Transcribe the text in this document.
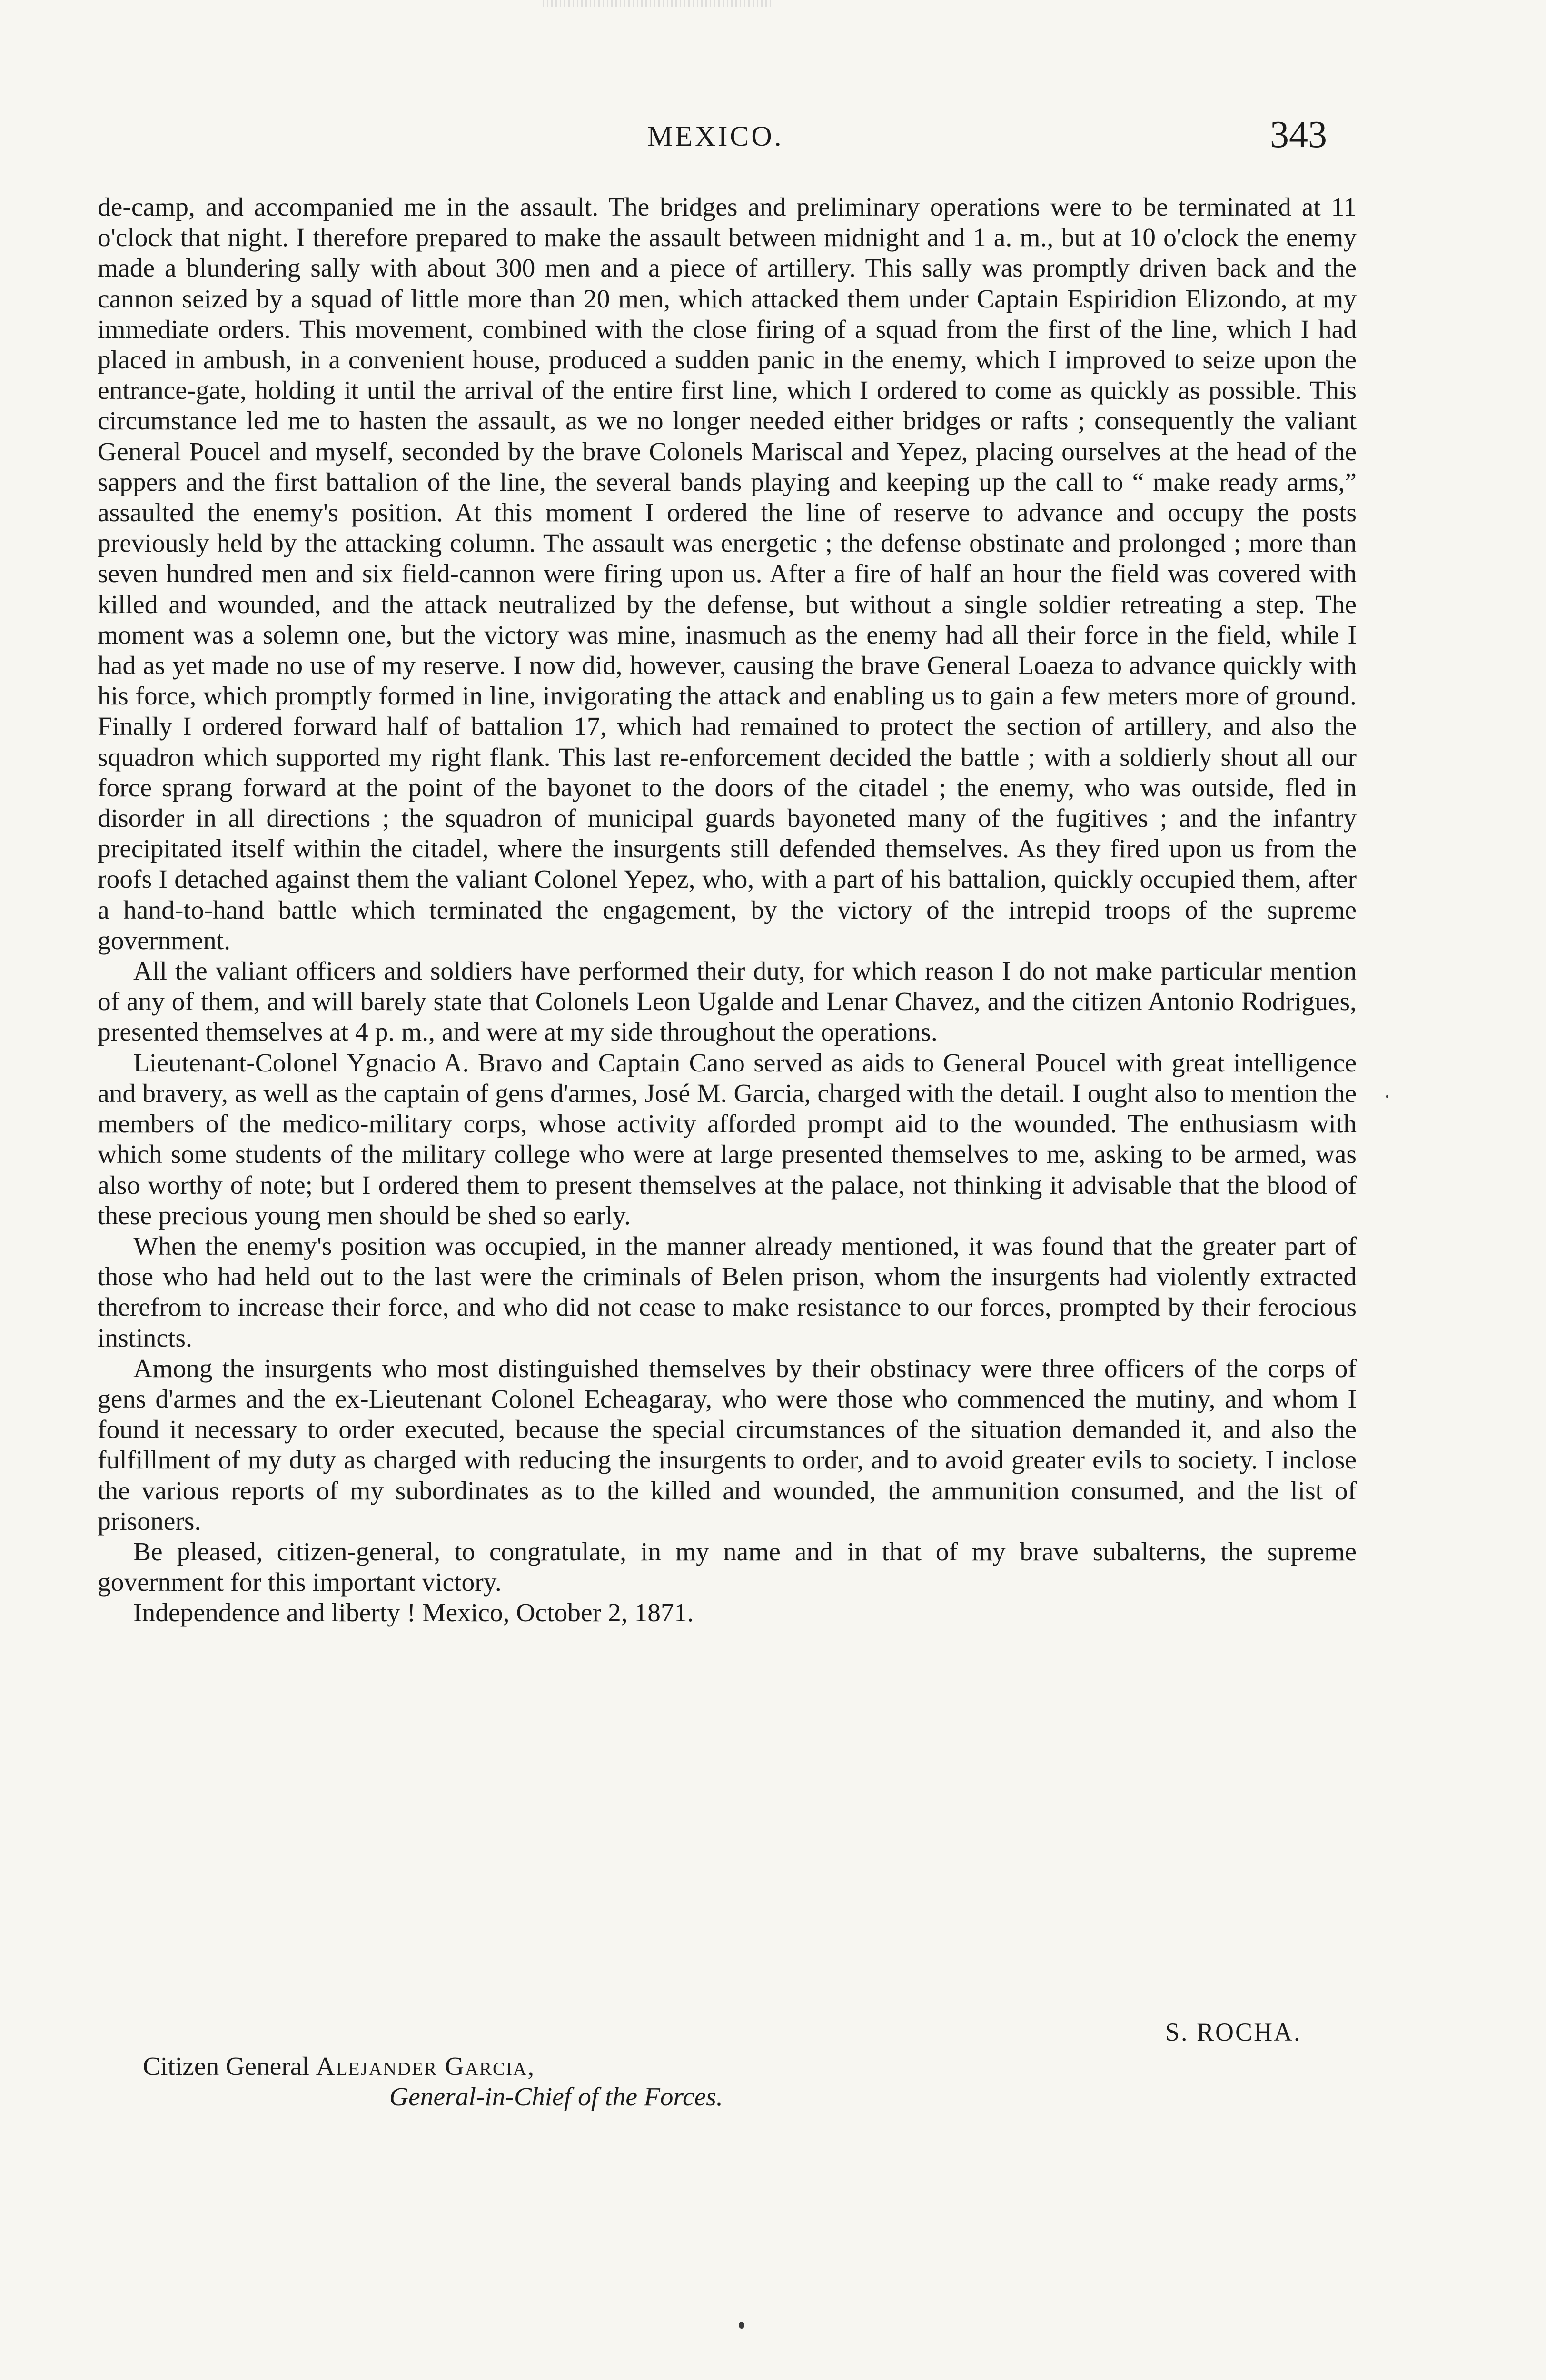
MEXICO.	343

de-camp, and accompanied me in the assault. The bridges and preliminary operations were to be terminated at 11 o'clock that night. I therefore prepared to make the assault between midnight and 1 a. m., but at 10 o'clock the enemy made a blundering sally with about 300 men and a piece of artillery. This sally was promptly driven back and the cannon seized by a squad of little more than 20 men, which attacked them under Captain Espiridion Elizondo, at my immediate orders. This movement, combined with the close firing of a squad from the first of the line, which I had placed in ambush, in a convenient house, produced a sudden panic in the enemy, which I improved to seize upon the entrance-gate, holding it until the arrival of the entire first line, which I ordered to come as quickly as possible. This circumstance led me to hasten the assault, as we no longer needed either bridges or rafts ; consequently the valiant General Poucel and myself, seconded by the brave Colonels Mariscal and Yepez, placing ourselves at the head of the sappers and the first battalion of the line, the several bands playing and keeping up the call to “ make ready arms,” assaulted the enemy's position. At this moment I ordered the line of reserve to advance and occupy the posts previously held by the attacking column. The assault was energetic ; the defense obstinate and prolonged ; more than seven hundred men and six field-cannon were firing upon us. After a fire of half an hour the field was covered with killed and wounded, and the attack neutralized by the defense, but without a single soldier retreating a step. The moment was a solemn one, but the victory was mine, inasmuch as the enemy had all their force in the field, while I had as yet made no use of my reserve. I now did, however, causing the brave General Loaeza to advance quickly with his force, which promptly formed in line, invigorating the attack and enabling us to gain a few meters more of ground. Finally I ordered forward half of battalion 17, which had remained to protect the section of artillery, and also the squadron which supported my right flank. This last re-enforcement decided the battle ; with a soldierly shout all our force sprang forward at the point of the bayonet to the doors of the citadel ; the enemy, who was outside, fled in disorder in all directions ; the squadron of municipal guards bayoneted many of the fugitives ; and the infantry precipitated itself within the citadel, where the insurgents still defended themselves. As they fired upon us from the roofs I detached against them the valiant Colonel Yepez, who, with a part of his battalion, quickly occupied them, after a hand-to-hand battle which terminated the engagement, by the victory of the intrepid troops of the supreme government.

All the valiant officers and soldiers have performed their duty, for which reason I do not make particular mention of any of them, and will barely state that Colonels Leon Ugalde and Lenar Chavez, and the citizen Antonio Rodrigues, presented themselves at 4 p. m., and were at my side throughout the operations.

Lieutenant-Colonel Ygnacio A. Bravo and Captain Cano served as aids to General Poucel with great intelligence and bravery, as well as the captain of gens d'armes, José M. Garcia, charged with the detail. I ought also to mention the members of the medico-military corps, whose activity afforded prompt aid to the wounded. The enthusiasm with which some students of the military college who were at large presented themselves to me, asking to be armed, was also worthy of note; but I ordered them to present themselves at the palace, not thinking it advisable that the blood of these precious young men should be shed so early.

When the enemy's position was occupied, in the manner already mentioned, it was found that the greater part of those who had held out to the last were the criminals of Belen prison, whom the insurgents had violently extracted therefrom to increase their force, and who did not cease to make resistance to our forces, prompted by their ferocious instincts.

Among the insurgents who most distinguished themselves by their obstinacy were three officers of the corps of gens d'armes and the ex-Lieutenant Colonel Echeagaray, who were those who commenced the mutiny, and whom I found it necessary to order executed, because the special circumstances of the situation demanded it, and also the fulfillment of my duty as charged with reducing the insurgents to order, and to avoid greater evils to society. I inclose the various reports of my subordinates as to the killed and wounded, the ammunition consumed, and the list of prisoners.

Be pleased, citizen-general, to congratulate, in my name and in that of my brave subalterns, the supreme government for this important victory.

Independence and liberty ! Mexico, October 2, 1871.

S. ROCHA.
Citizen General Alejander Garcia,
General-in-Chief of the Forces.
